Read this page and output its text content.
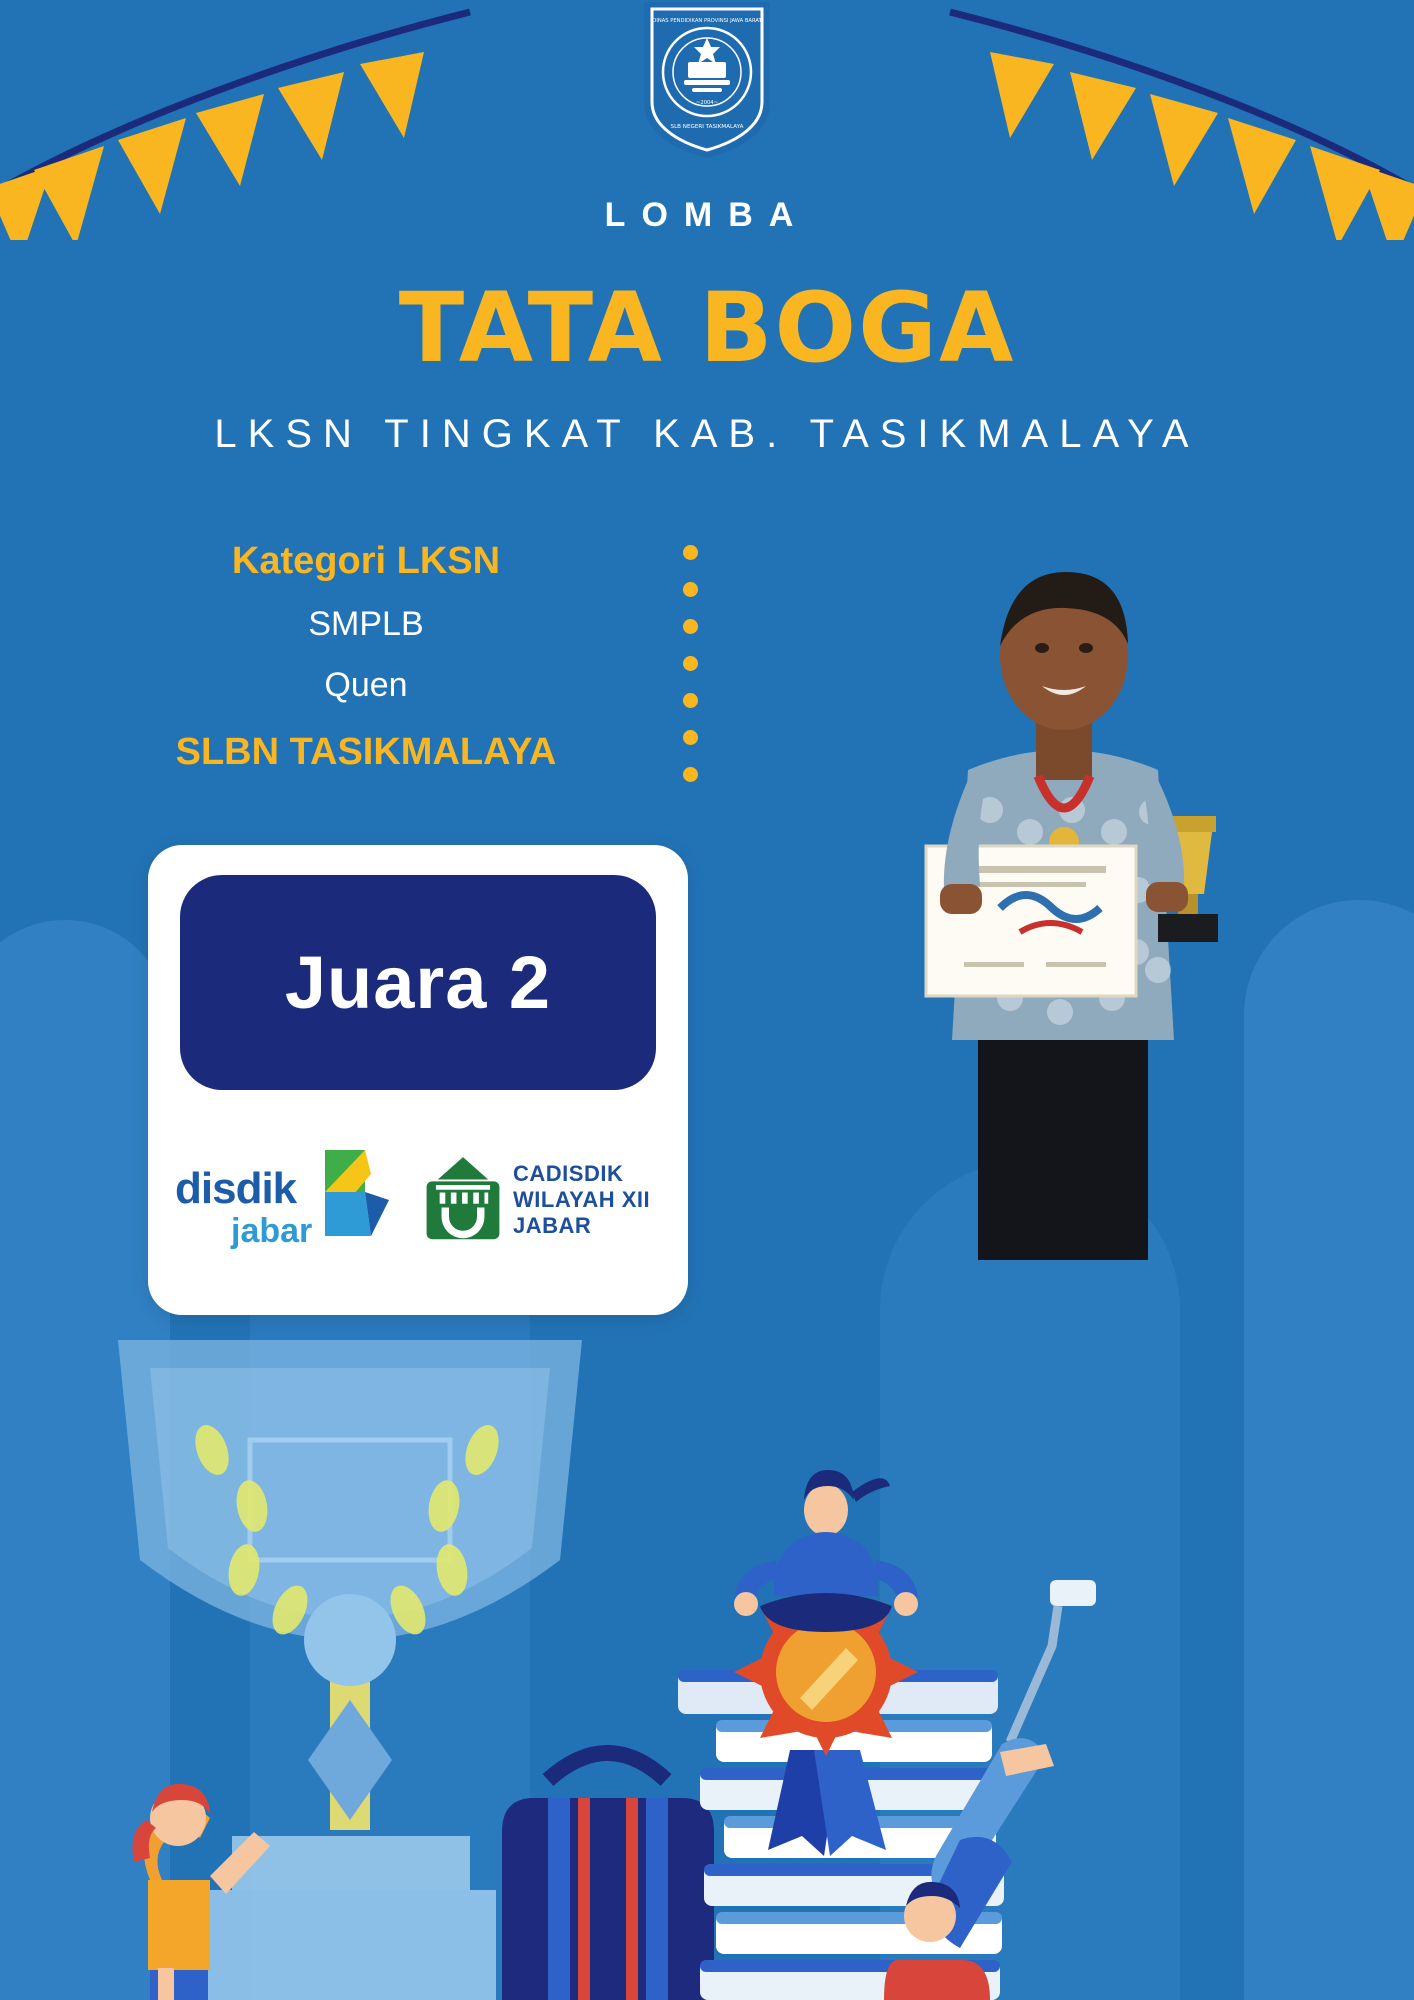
DINAS PENDIDIKAN PROVINSI JAWA BARAT
SLB NEGERI TASIKMALAYA
~2004~
LOMBA
TATA BOGA
LKSN TINGKAT KAB. TASIKMALAYA
Kategori LKSN
SMPLB
Quen
SLBN TASIKMALAYA
Juara 2
disdik
jabar
CADISDIK
WILAYAH XII
JABAR
